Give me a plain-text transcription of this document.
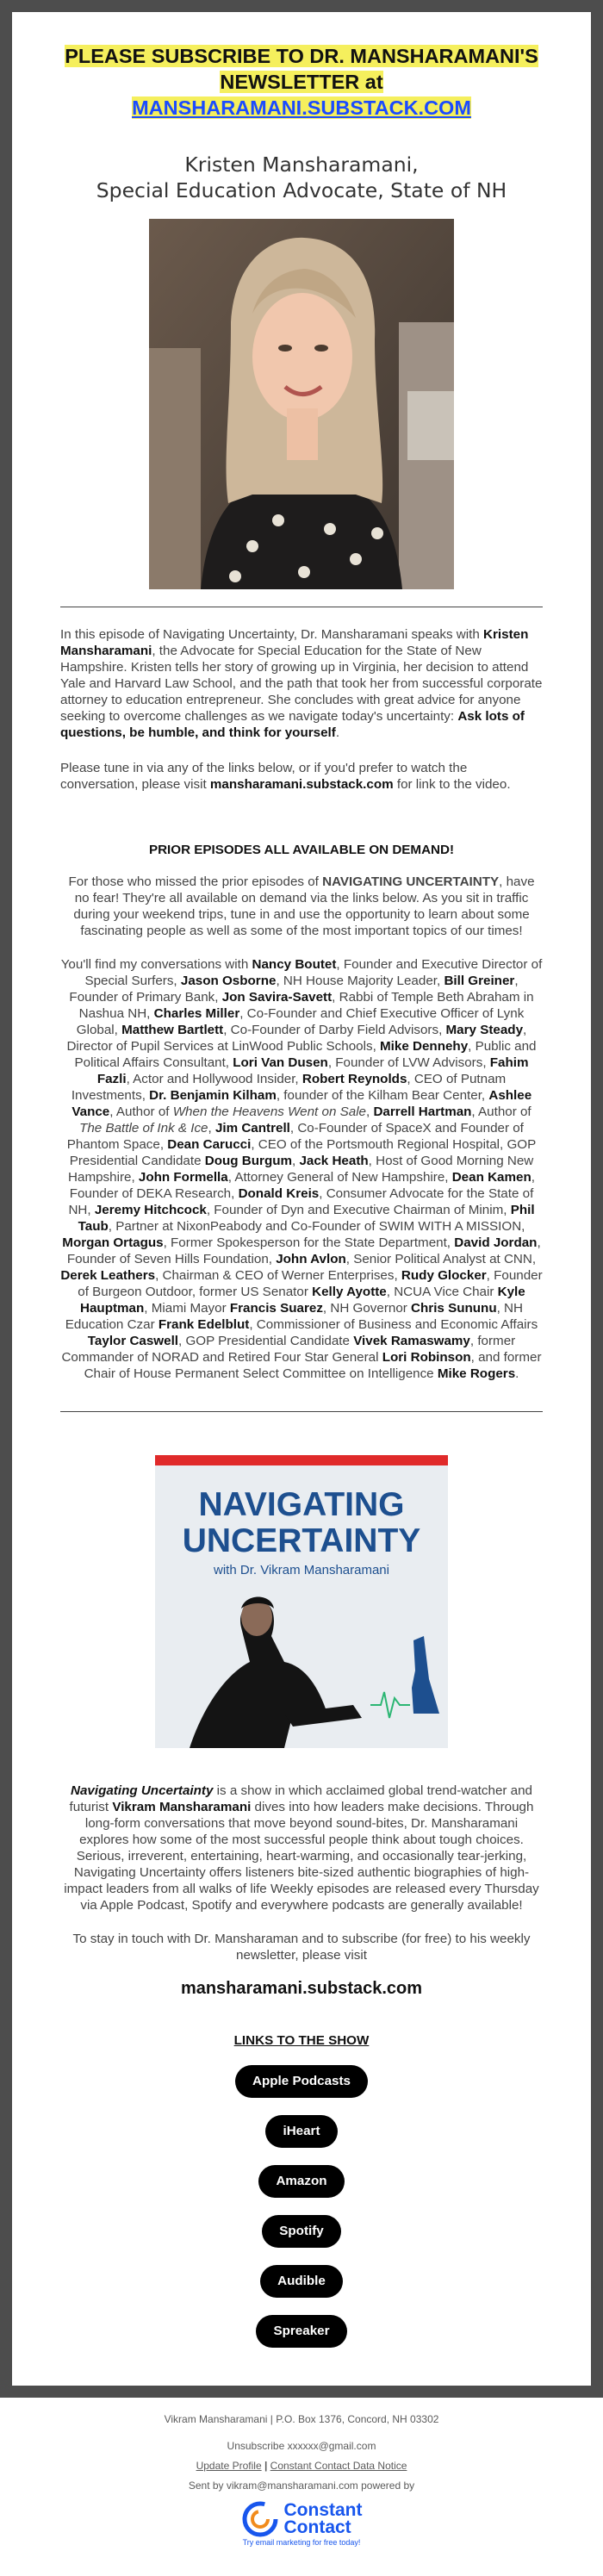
PLEASE SUBSCRIBE TO DR. MANSHARAMANI'S NEWSLETTER at
MANSHARAMANI.SUBSTACK.COM
Kristen Mansharamani,
Special Education Advocate, State of NH

In this episode of Navigating Uncertainty, Dr. Mansharamani speaks with Kristen Mansharamani, the Advocate for Special Education for the State of New Hampshire. Kristen tells her story of growing up in Virginia, her decision to attend Yale and Harvard Law School, and the path that took her from successful corporate attorney to education entrepreneur. She concludes with great advice for anyone seeking to overcome challenges as we navigate today's uncertainty: Ask lots of questions, be humble, and think for yourself.

Please tune in via any of the links below, or if you'd prefer to watch the conversation, please visit mansharamani.substack.com for link to the video.

PRIOR EPISODES ALL AVAILABLE ON DEMAND!

For those who missed the prior episodes of NAVIGATING UNCERTAINTY, have no fear! They're all available on demand via the links below. As you sit in traffic during your weekend trips, tune in and use the opportunity to learn about some fascinating people as well as some of the most important topics of our times!

You'll find my conversations with Nancy Boutet, Founder and Executive Director of Special Surfers, Jason Osborne, NH House Majority Leader, Bill Greiner, Founder of Primary Bank, Jon Savira-Savett, Rabbi of Temple Beth Abraham in Nashua NH, Charles Miller, Co-Founder and Chief Executive Officer of Lynk Global, Matthew Bartlett, Co-Founder of Darby Field Advisors, Mary Steady, Director of Pupil Services at LinWood Public Schools, Mike Dennehy, Public and Political Affairs Consultant, Lori Van Dusen, Founder of LVW Advisors, Fahim Fazli, Actor and Hollywood Insider, Robert Reynolds, CEO of Putnam Investments, Dr. Benjamin Kilham, founder of the Kilham Bear Center, Ashlee Vance, Author of When the Heavens Went on Sale, Darrell Hartman, Author of The Battle of Ink & Ice, Jim Cantrell, Co-Founder of SpaceX and Founder of Phantom Space, Dean Carucci, CEO of the Portsmouth Regional Hospital, GOP Presidential Candidate Doug Burgum, Jack Heath, Host of Good Morning New Hampshire, John Formella, Attorney General of New Hampshire, Dean Kamen, Founder of DEKA Research, Donald Kreis, Consumer Advocate for the State of NH, Jeremy Hitchcock, Founder of Dyn and Executive Chairman of Minim, Phil Taub, Partner at NixonPeabody and Co-Founder of SWIM WITH A MISSION, Morgan Ortagus, Former Spokesperson for the State Department, David Jordan, Founder of Seven Hills Foundation, John Avlon, Senior Political Analyst at CNN, Derek Leathers, Chairman & CEO of Werner Enterprises, Rudy Glocker, Founder of Burgeon Outdoor, former US Senator Kelly Ayotte, NCUA Vice Chair Kyle Hauptman, Miami Mayor Francis Suarez, NH Governor Chris Sununu, NH Education Czar Frank Edelblut, Commissioner of Business and Economic Affairs Taylor Caswell, GOP Presidential Candidate Vivek Ramaswamy, former Commander of NORAD and Retired Four Star General Lori Robinson, and former Chair of House Permanent Select Committee on Intelligence Mike Rogers.

NAVIGATING
UNCERTAINTY
with Dr. Vikram Mansharamani

Navigating Uncertainty is a show in which acclaimed global trend-watcher and futurist Vikram Mansharamani dives into how leaders make decisions. Through long-form conversations that move beyond sound-bites, Dr. Mansharamani explores how some of the most successful people think about tough choices. Serious, irreverent, entertaining, heart-warming, and occasionally tear-jerking, Navigating Uncertainty offers listeners bite-sized authentic biographies of high-impact leaders from all walks of life Weekly episodes are released every Thursday via Apple Podcast, Spotify and everywhere podcasts are generally available!

To stay in touch with Dr. Mansharaman and to subscribe (for free) to his weekly newsletter, please visit

mansharamani.substack.com
LINKS TO THE SHOW
Apple Podcasts
iHeart
Amazon
Spotify
Audible
Spreaker
Vikram Mansharamani | P.O. Box 1376, Concord, NH 03302
Unsubscribe xxxxxx@gmail.com
Update Profile | Constant Contact Data Notice
Sent by vikram@mansharamani.com powered by
Constant
Contact
Try email marketing for free today!
